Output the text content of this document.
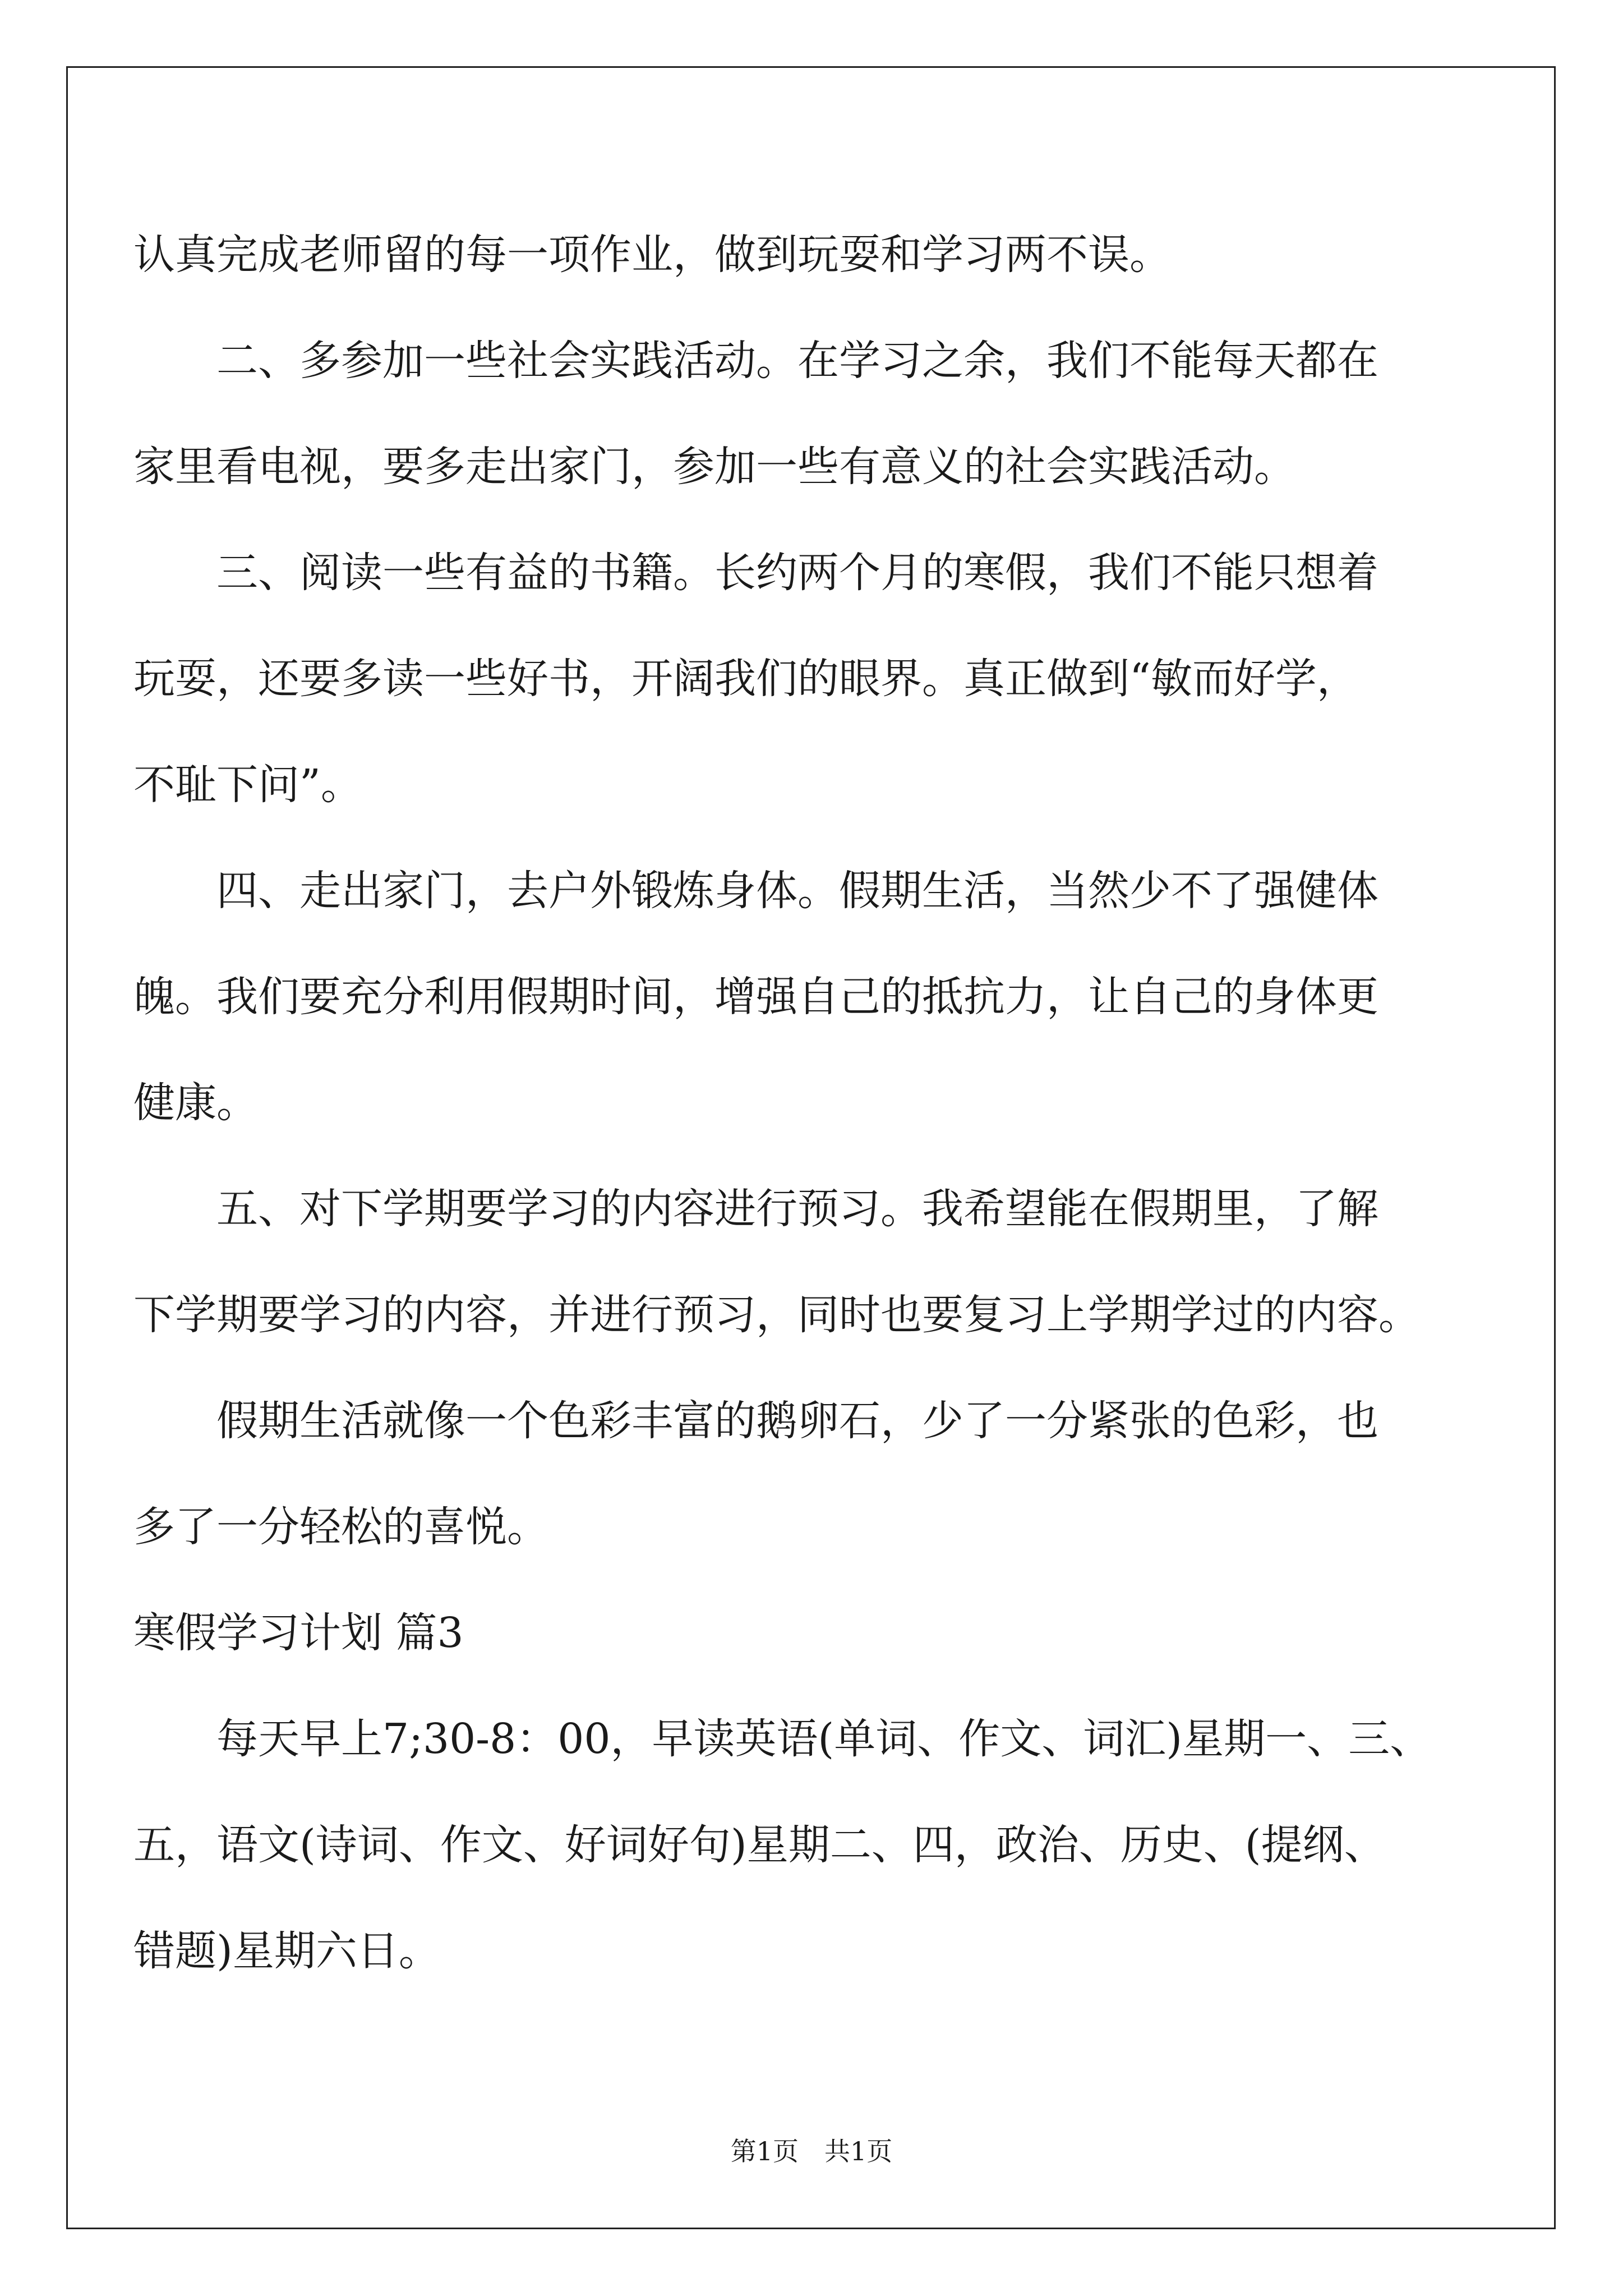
认真完成老师留的每一项作业，做到玩耍和学习两不误。
二、多参加一些社会实践活动。在学习之余，我们不能每天都在
家里看电视，要多走出家门，参加一些有意义的社会实践活动。
三、阅读一些有益的书籍。长约两个月的寒假，我们不能只想着
玩耍，还要多读一些好书，开阔我们的眼界。真正做到“敏而好学，
不耻下问”。
四、走出家门，去户外锻炼身体。假期生活，当然少不了强健体
魄。我们要充分利用假期时间，增强自己的抵抗力，让自己的身体更
健康。
五、对下学期要学习的内容进行预习。我希望能在假期里，了解
下学期要学习的内容，并进行预习，同时也要复习上学期学过的内容。
假期生活就像一个色彩丰富的鹅卵石，少了一分紧张的色彩，也
多了一分轻松的喜悦。
寒假学习计划 篇3
每天早上7;30-8：00，早读英语(单词、作文、词汇)星期一、三、
五，语文(诗词、作文、好词好句)星期二、四，政治、历史、(提纲、
错题)星期六日。
第1页　共1页
